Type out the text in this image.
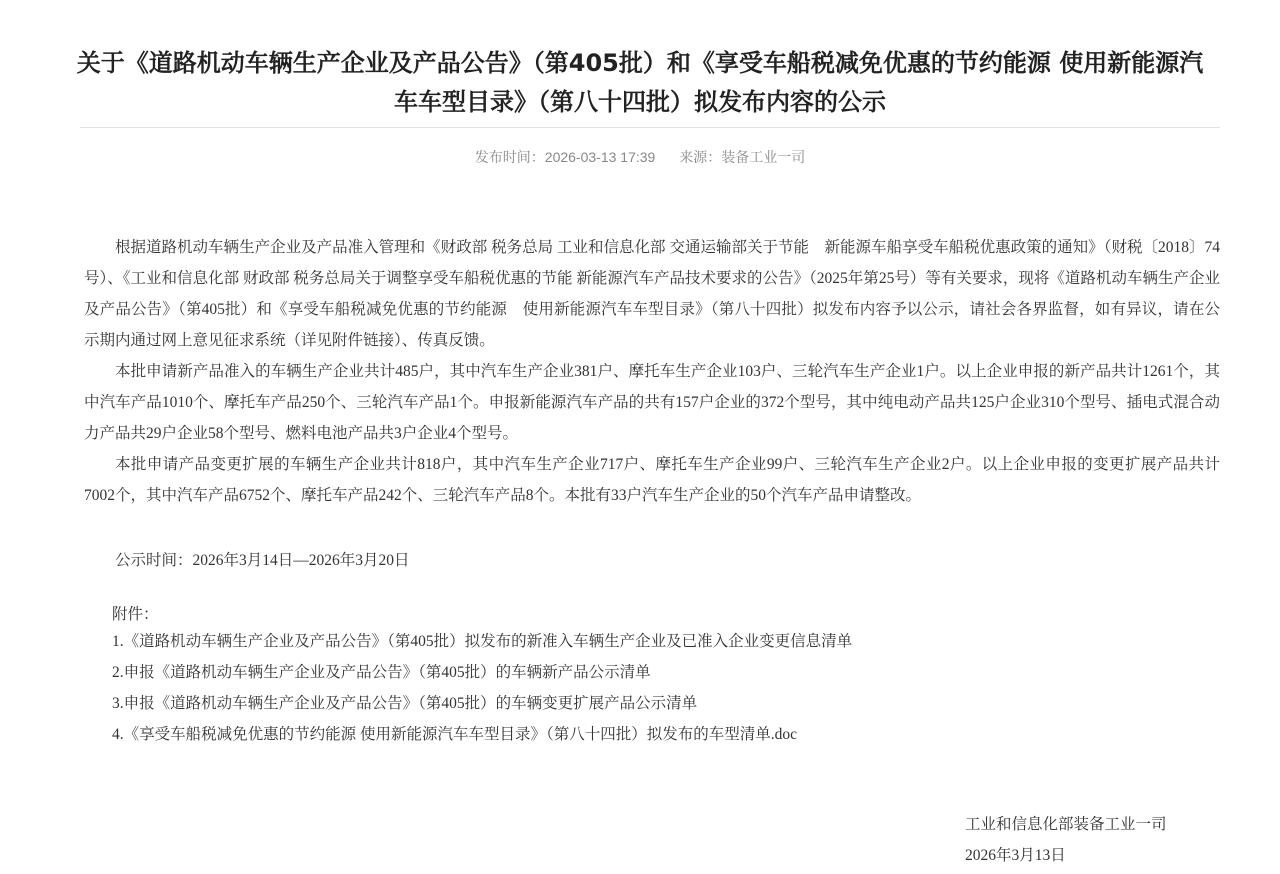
关于《道路机动车辆生产企业及产品公告》（第405批）和《享受车船税减免优惠的节约能源 使用新能源汽车车型目录》（第八十四批）拟发布内容的公示
发布时间：2026-03-13 17:39 来源：装备工业一司

根据道路机动车辆生产企业及产品准入管理和《财政部 税务总局 工业和信息化部 交通运输部关于节能　新能源车船享受车船税优惠政策的通知》（财税〔2018〕74号）、《工业和信息化部 财政部 税务总局关于调整享受车船税优惠的节能 新能源汽车产品技术要求的公告》（2025年第25号）等有关要求，现将《道路机动车辆生产企业及产品公告》（第405批）和《享受车船税减免优惠的节约能源　使用新能源汽车车型目录》（第八十四批）拟发布内容予以公示，请社会各界监督，如有异议，请在公示期内通过网上意见征求系统（详见附件链接）、传真反馈。

本批申请新产品准入的车辆生产企业共计485户，其中汽车生产企业381户、摩托车生产企业103户、三轮汽车生产企业1户。以上企业申报的新产品共计1261个，其中汽车产品1010个、摩托车产品250个、三轮汽车产品1个。申报新能源汽车产品的共有157户企业的372个型号，其中纯电动产品共125户企业310个型号、插电式混合动力产品共29户企业58个型号、燃料电池产品共3户企业4个型号。

本批申请产品变更扩展的车辆生产企业共计818户，其中汽车生产企业717户、摩托车生产企业99户、三轮汽车生产企业2户。以上企业申报的变更扩展产品共计7002个，其中汽车产品6752个、摩托车产品242个、三轮汽车产品8个。本批有33户汽车生产企业的50个汽车产品申请整改。

公示时间：2026年3月14日—2026年3月20日

附件：
1.《道路机动车辆生产企业及产品公告》（第405批）拟发布的新准入车辆生产企业及已准入企业变更信息清单
2.申报《道路机动车辆生产企业及产品公告》（第405批）的车辆新产品公示清单
3.申报《道路机动车辆生产企业及产品公告》（第405批）的车辆变更扩展产品公示清单
4.《享受车船税减免优惠的节约能源 使用新能源汽车车型目录》（第八十四批）拟发布的车型清单.doc
工业和信息化部装备工业一司
2026年3月13日
